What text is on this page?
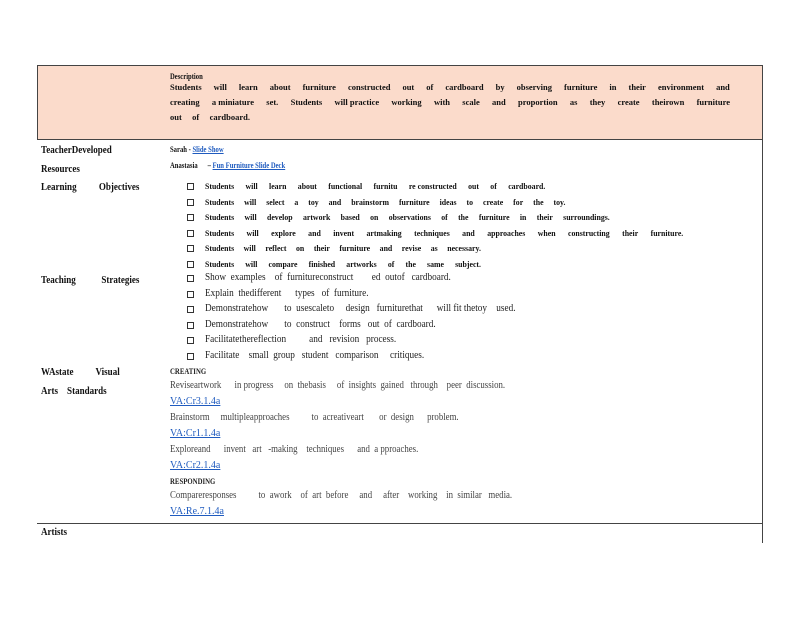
Description
Students will learn about furniture constructed out of cardboard by observing furniture in their environment and
creating a miniature set. Students will practice working with scale and proportion as they create theirown furniture
out of cardboard.
TeacherDeveloped
Resources
Sarah - Slide Show
Anastasia – Fun Furniture Slide Deck
Learning Objectives	Students will learn about functional furnitu re constructed out of cardboard.
Students will select a toy and brainstorm furniture ideas to create for the toy.
Students will develop artwork based on observations of the furniture in their surroundings.
Students will explore and invent artmaking techniques and approaches when constructing their furniture.
Students will reflect on their furniture and revise as necessary.
Students will compare finished artworks of the same subject.
Teaching Strategies	Show  examples    of  furnitureconstruct        ed  outof   cardboard.
Explain  thedifferent      types   of  furniture.
Demonstratehow       to  usescaleto     design   furniturethat      will fit thetoy    used.
Demonstratehow       to  construct    forms   out  of  cardboard.
Facilitatethereflection          and   revision   process.
Facilitate    small  group   student   comparison     critiques.
WAstate Visual
Arts    Standards
CREATING
Reviseartwork      in progress     on  thebasis     of  insights  gained   through    peer  discussion.
VA:Cr3.1.4a
Brainstorm     multipleapproaches          to  acreativeart       or  design      problem.
VA:Cr1.1.4a
Exploreand      invent   art   -making    techniques      and  a pproaches.
VA:Cr2.1.4a
RESPONDING
Compareresponses          to  awork    of  art  before     and     after    working    in  similar   media.
VA:Re.7.1.4a
Artists
